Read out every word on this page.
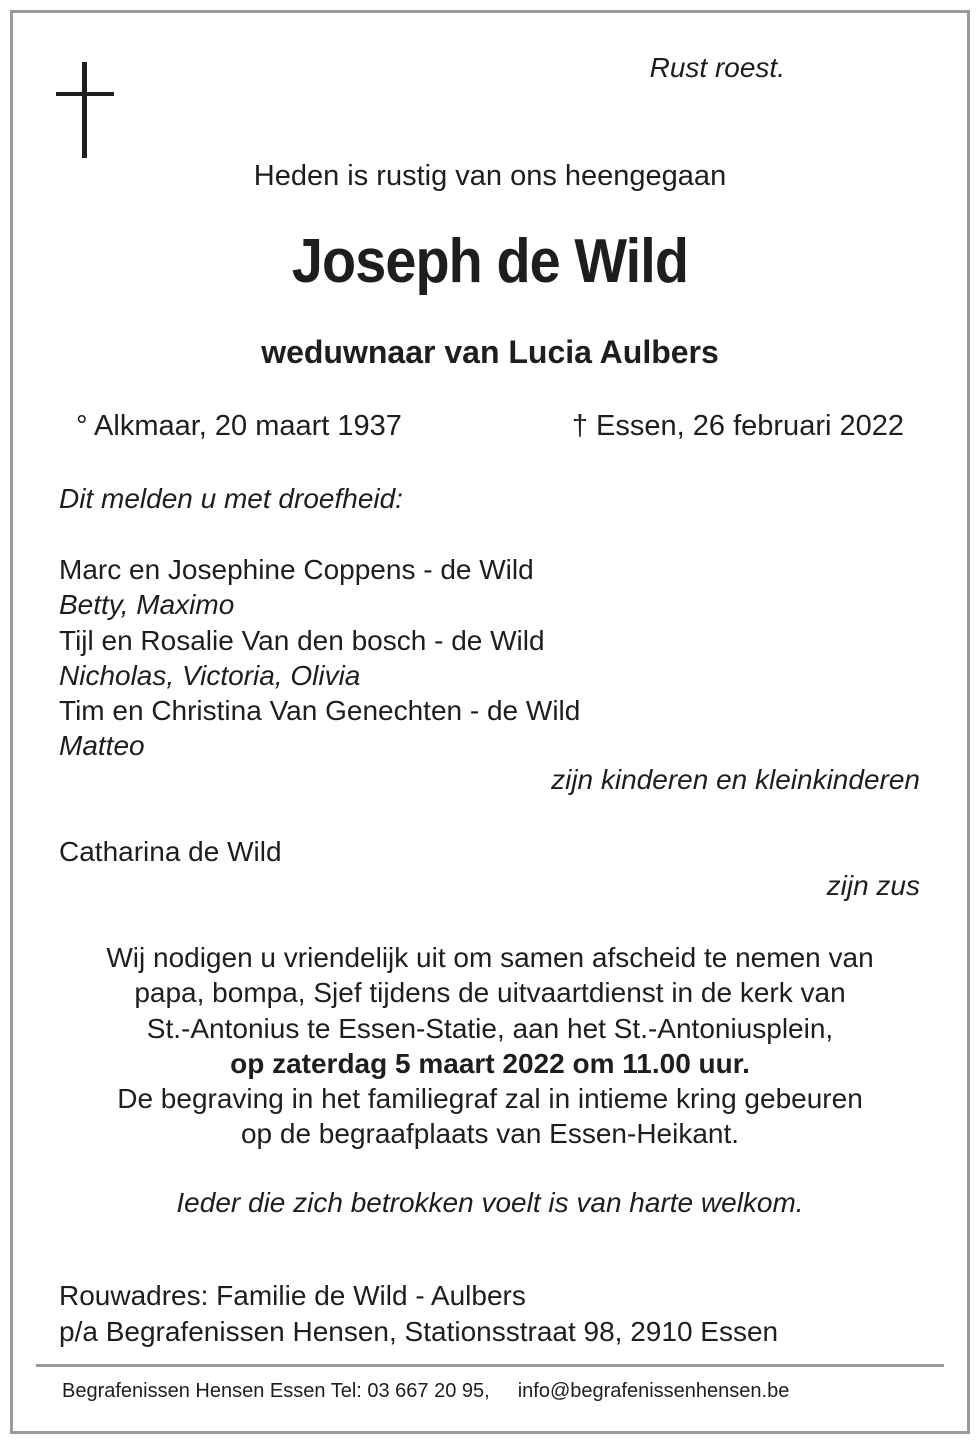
Rust roest.
Heden is rustig van ons heengegaan
Joseph de Wild
weduwnaar van Lucia Aulbers
° Alkmaar, 20 maart 1937	† Essen, 26 februari 2022
Dit melden u met droefheid:
Marc en Josephine Coppens - de Wild
Betty, Maximo
Tijl en Rosalie Van den bosch - de Wild
Nicholas, Victoria, Olivia
Tim en Christina Van Genechten - de Wild
Matteo
zijn kinderen en kleinkinderen
Catharina de Wild
zijn zus
Wij nodigen u vriendelijk uit om samen afscheid te nemen van
papa, bompa, Sjef tijdens de uitvaartdienst in de kerk van
St.-Antonius te Essen-Statie, aan het St.-Antoniusplein,
op zaterdag 5 maart 2022 om 11.00 uur.
De begraving in het familiegraf zal in intieme kring gebeuren
op de begraafplaats van Essen-Heikant.
Ieder die zich betrokken voelt is van harte welkom.
Rouwadres: Familie de Wild - Aulbers
p/a Begrafenissen Hensen, Stationsstraat 98, 2910 Essen
Begrafenissen Hensen Essen Tel: 03 667 20 95, info@begrafenissenhensen.be
